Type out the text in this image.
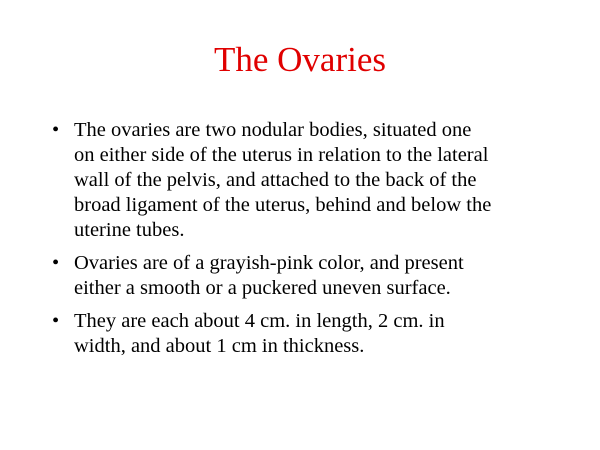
The Ovaries
• The ovaries are two nodular bodies, situated one
on either side of the uterus in relation to the lateral
wall of the pelvis, and attached to the back of the
broad ligament of the uterus, behind and below the
uterine tubes.
• Ovaries are of a grayish-pink color, and present
either a smooth or a puckered uneven surface.
• They are each about 4 cm. in length, 2 cm. in
width, and about 1 cm in thickness.
